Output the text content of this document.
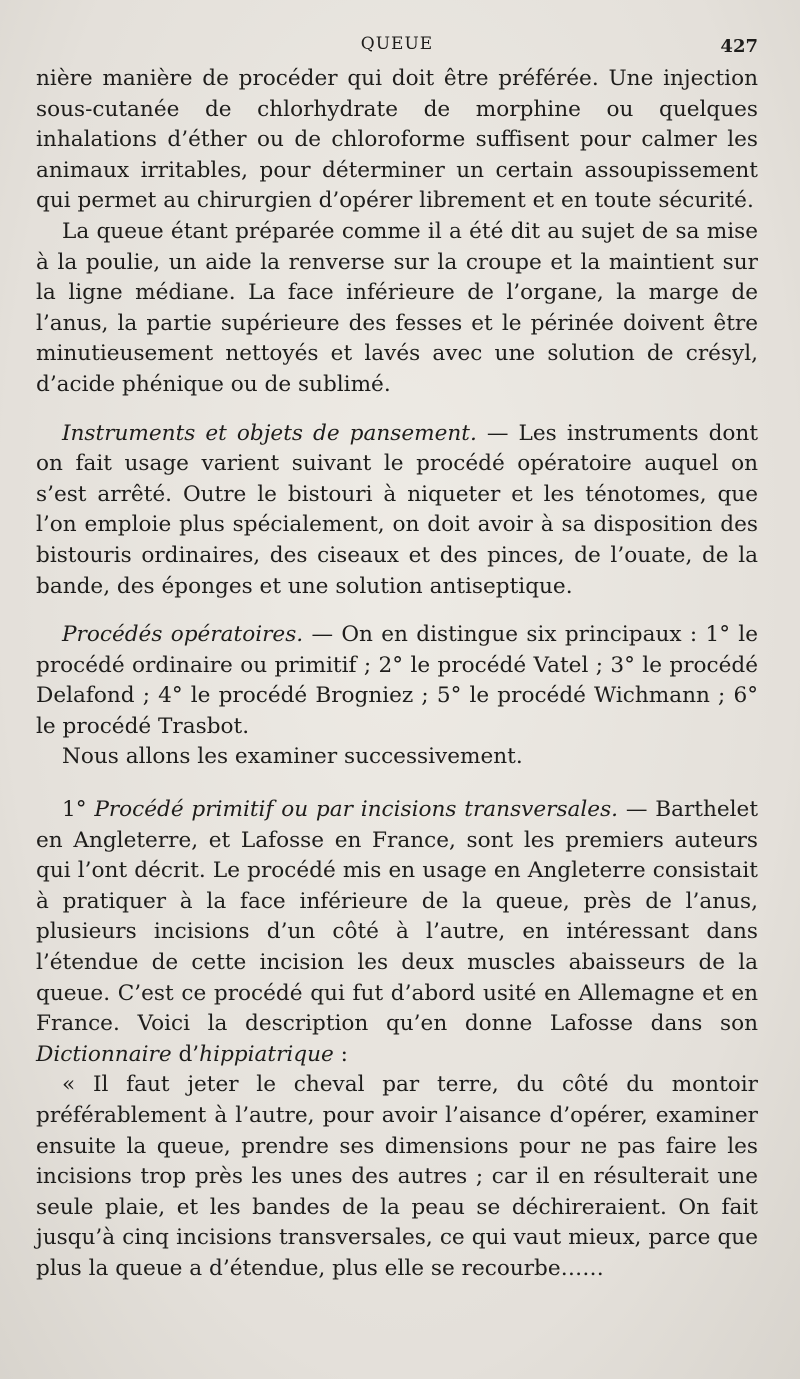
QUEUE	427

nière manière de procéder qui doit être préférée. Une injection sous-cutanée de chlorhydrate de morphine ou quelques inhalations d’éther ou de chloroforme suffisent pour calmer les animaux irritables, pour déterminer un certain assoupissement qui permet au chirurgien d’opérer librement et en toute sécurité.

La queue étant préparée comme il a été dit au sujet de sa mise à la poulie, un aide la renverse sur la croupe et la maintient sur la ligne médiane. La face inférieure de l’organe, la marge de l’anus, la partie supérieure des fesses et le périnée doivent être minutieusement nettoyés et lavés avec une solution de crésyl, d’acide phénique ou de sublimé.

Instruments et objets de pansement. — Les instruments dont on fait usage varient suivant le procédé opératoire auquel on s’est arrêté. Outre le bistouri à niqueter et les ténotomes, que l’on emploie plus spécialement, on doit avoir à sa disposition des bistouris ordinaires, des ciseaux et des pinces, de l’ouate, de la bande, des éponges et une solution antiseptique.

Procédés opératoires. — On en distingue six principaux : 1° le procédé ordinaire ou primitif ; 2° le procédé Vatel ; 3° le procédé Delafond ; 4° le procédé Brogniez ; 5° le procédé Wichmann ; 6° le procédé Trasbot.

Nous allons les examiner successivement.

1° Procédé primitif ou par incisions transversales. — Barthelet en Angleterre, et Lafosse en France, sont les premiers auteurs qui l’ont décrit. Le procédé mis en usage en Angleterre consistait à pratiquer à la face inférieure de la queue, près de l’anus, plusieurs incisions d’un côté à l’autre, en intéressant dans l’étendue de cette incision les deux muscles abaisseurs de la queue. C’est ce procédé qui fut d’abord usité en Allemagne et en France. Voici la description qu’en donne Lafosse dans son Dictionnaire d’hippiatrique :

« Il faut jeter le cheval par terre, du côté du montoir préférablement à l’autre, pour avoir l’aisance d’opérer, examiner ensuite la queue, prendre ses dimensions pour ne pas faire les incisions trop près les unes des autres ; car il en résulterait une seule plaie, et les bandes de la peau se déchireraient. On fait jusqu’à cinq incisions transversales, ce qui vaut mieux, parce que plus la queue a d’étendue, plus elle se recourbe……
